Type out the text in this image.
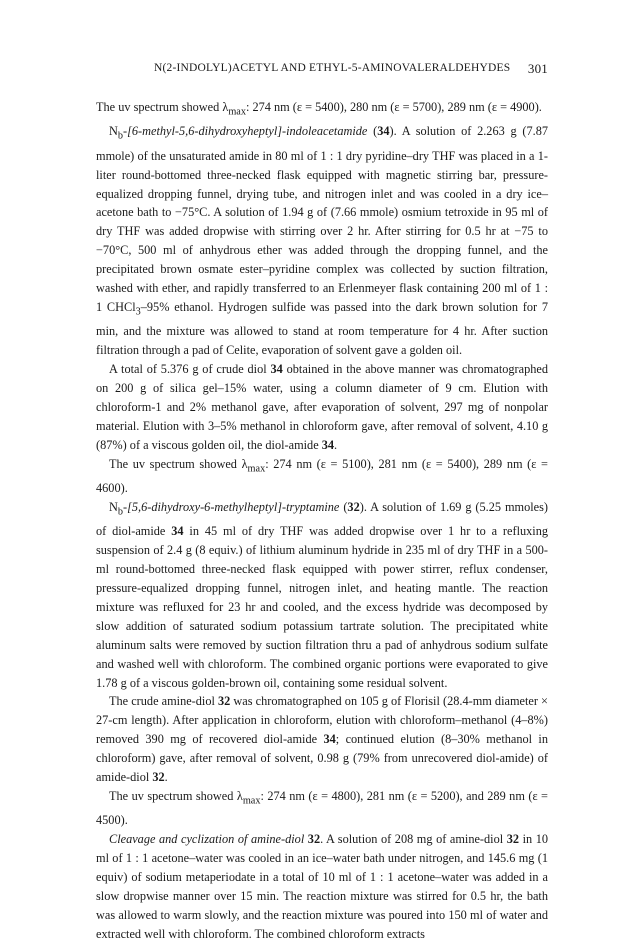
N(2-INDOLYL)ACETYL AND ETHYL-5-AMINOVALERALDEHYDES 301

The uv spectrum showed $\lambda_{max}$: 274 nm (ε = 5400), 280 nm (ε = 5700), 289 nm (ε = 4900).

$N_b-[6-methyl-5,6-dihydroxyheptyl]$-indoleacetamide (34). A solution of 2.263 g (7.87 mmole) of the unsaturated amide in 80 ml of 1 : 1 dry pyridine–dry THF was placed in a 1-liter round-bottomed three-necked flask equipped with magnetic stirring bar, pressure-equalized dropping funnel, drying tube, and nitrogen inlet and was cooled in a dry ice–acetone bath to −75°C. A solution of 1.94 g of (7.66 mmole) osmium tetroxide in 95 ml of dry THF was added dropwise with stirring over 2 hr. After stirring for 0.5 hr at −75 to −70°C, 500 ml of anhydrous ether was added through the dropping funnel, and the precipitated brown osmate ester–pyridine complex was collected by suction filtration, washed with ether, and rapidly transferred to an Erlenmeyer flask containing 200 ml of 1 : 1 CHCl$_3$–95% ethanol. Hydrogen sulfide was passed into the dark brown solution for 7 min, and the mixture was allowed to stand at room temperature for 4 hr. After suction filtration through a pad of Celite, evaporation of solvent gave a golden oil.

A total of 5.376 g of crude diol 34 obtained in the above manner was chromatographed on 200 g of silica gel–15% water, using a column diameter of 9 cm. Elution with chloroform-1 and 2% methanol gave, after evaporation of solvent, 297 mg of nonpolar material. Elution with 3–5% methanol in chloroform gave, after removal of solvent, 4.10 g (87%) of a viscous golden oil, the diol-amide 34.

The uv spectrum showed $\lambda_{max}$: 274 nm (ε = 5100), 281 nm (ε = 5400), 289 nm (ε = 4600).

$N_b-[5,6-dihydroxy-6-methylheptyl]$-tryptamine (32). A solution of 1.69 g (5.25 mmoles) of diol-amide 34 in 45 ml of dry THF was added dropwise over 1 hr to a refluxing suspension of 2.4 g (8 equiv.) of lithium aluminum hydride in 235 ml of dry THF in a 500-ml round-bottomed three-necked flask equipped with power stirrer, reflux condenser, pressure-equalized dropping funnel, nitrogen inlet, and heating mantle. The reaction mixture was refluxed for 23 hr and cooled, and the excess hydride was decomposed by slow addition of saturated sodium potassium tartrate solution. The precipitated white aluminum salts were removed by suction filtration thru a pad of anhydrous sodium sulfate and washed well with chloroform. The combined organic portions were evaporated to give 1.78 g of a viscous golden-brown oil, containing some residual solvent.

The crude amine-diol 32 was chromatographed on 105 g of Florisil (28.4-mm diameter × 27-cm length). After application in chloroform, elution with chloroform–methanol (4–8%) removed 390 mg of recovered diol-amide 34; continued elution (8–30% methanol in chloroform) gave, after removal of solvent, 0.98 g (79% from unrecovered diol-amide) of amide-diol 32.

The uv spectrum showed $\lambda_{max}$: 274 nm (ε = 4800), 281 nm (ε = 5200), and 289 nm (ε = 4500).

Cleavage and cyclization of amine-diol 32. A solution of 208 mg of amine-diol 32 in 10 ml of 1 : 1 acetone–water was cooled in an ice–water bath under nitrogen, and 145.6 mg (1 equiv) of sodium metaperiodate in a total of 10 ml of 1 : 1 acetone–water was added in a slow dropwise manner over 15 min. The reaction mixture was stirred for 0.5 hr, the bath was allowed to warm slowly, and the reaction mixture was poured into 150 ml of water and extracted well with chloroform. The combined chloroform extracts
